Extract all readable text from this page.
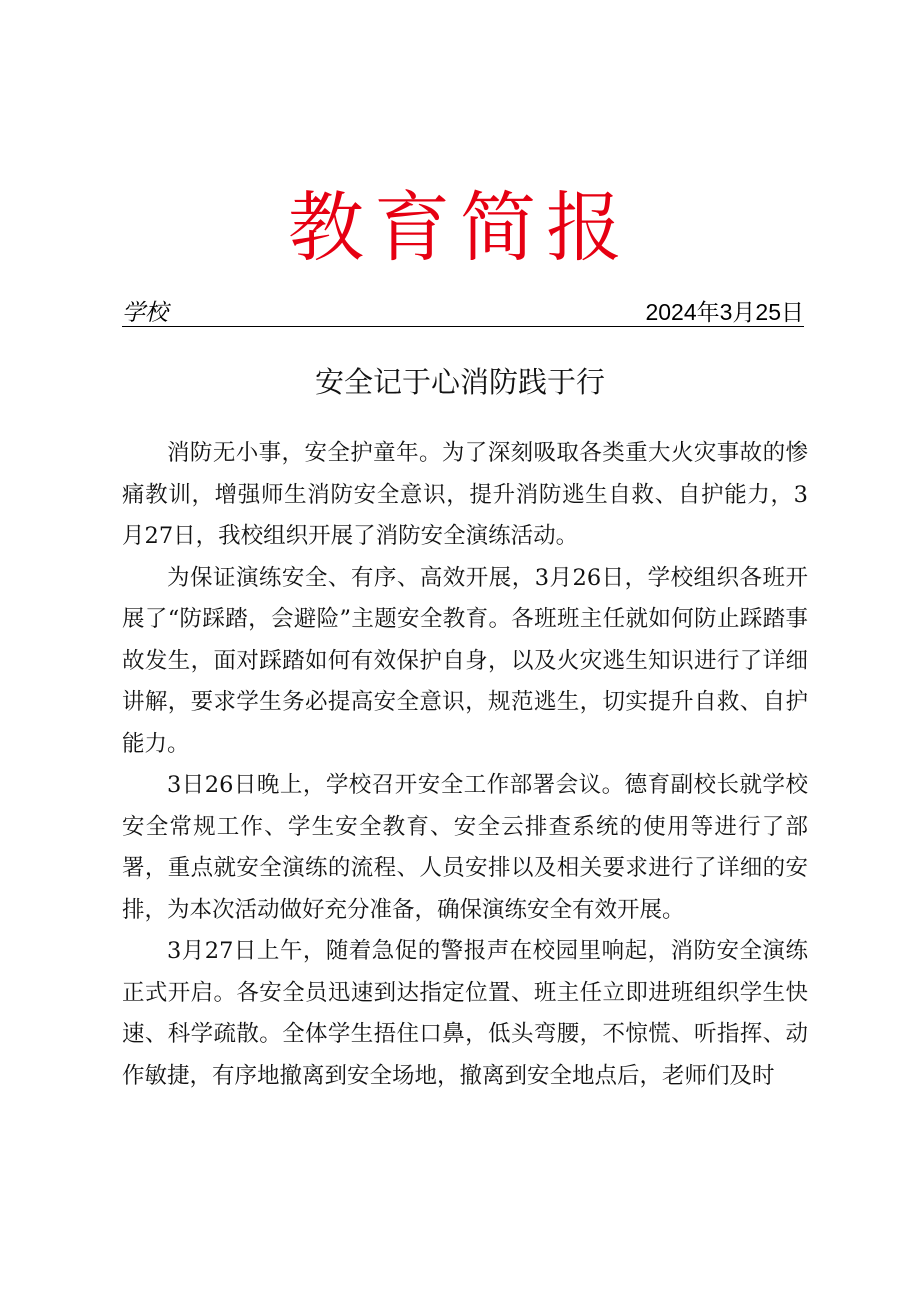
教育简报
学校	2024年3月25日
安全记于心消防践于行

消防无小事，安全护童年。为了深刻吸取各类重大火灾事故的惨痛教训，增强师生消防安全意识，提升消防逃生自救、自护能力，3月27日，我校组织开展了消防安全演练活动。

为保证演练安全、有序、高效开展，3月26日，学校组织各班开展了“防踩踏，会避险”主题安全教育。各班班主任就如何防止踩踏事故发生，面对踩踏如何有效保护自身，以及火灾逃生知识进行了详细讲解，要求学生务必提高安全意识，规范逃生，切实提升自救、自护能力。

3日26日晚上，学校召开安全工作部署会议。德育副校长就学校安全常规工作、学生安全教育、安全云排查系统的使用等进行了部署，重点就安全演练的流程、人员安排以及相关要求进行了详细的安排，为本次活动做好充分准备，确保演练安全有效开展。

3月27日上午，随着急促的警报声在校园里响起，消防安全演练正式开启。各安全员迅速到达指定位置、班主任立即进班组织学生快速、科学疏散。全体学生捂住口鼻，低头弯腰，不惊慌、听指挥、动作敏捷，有序地撤离到安全场地，撤离到安全地点后，老师们及时
